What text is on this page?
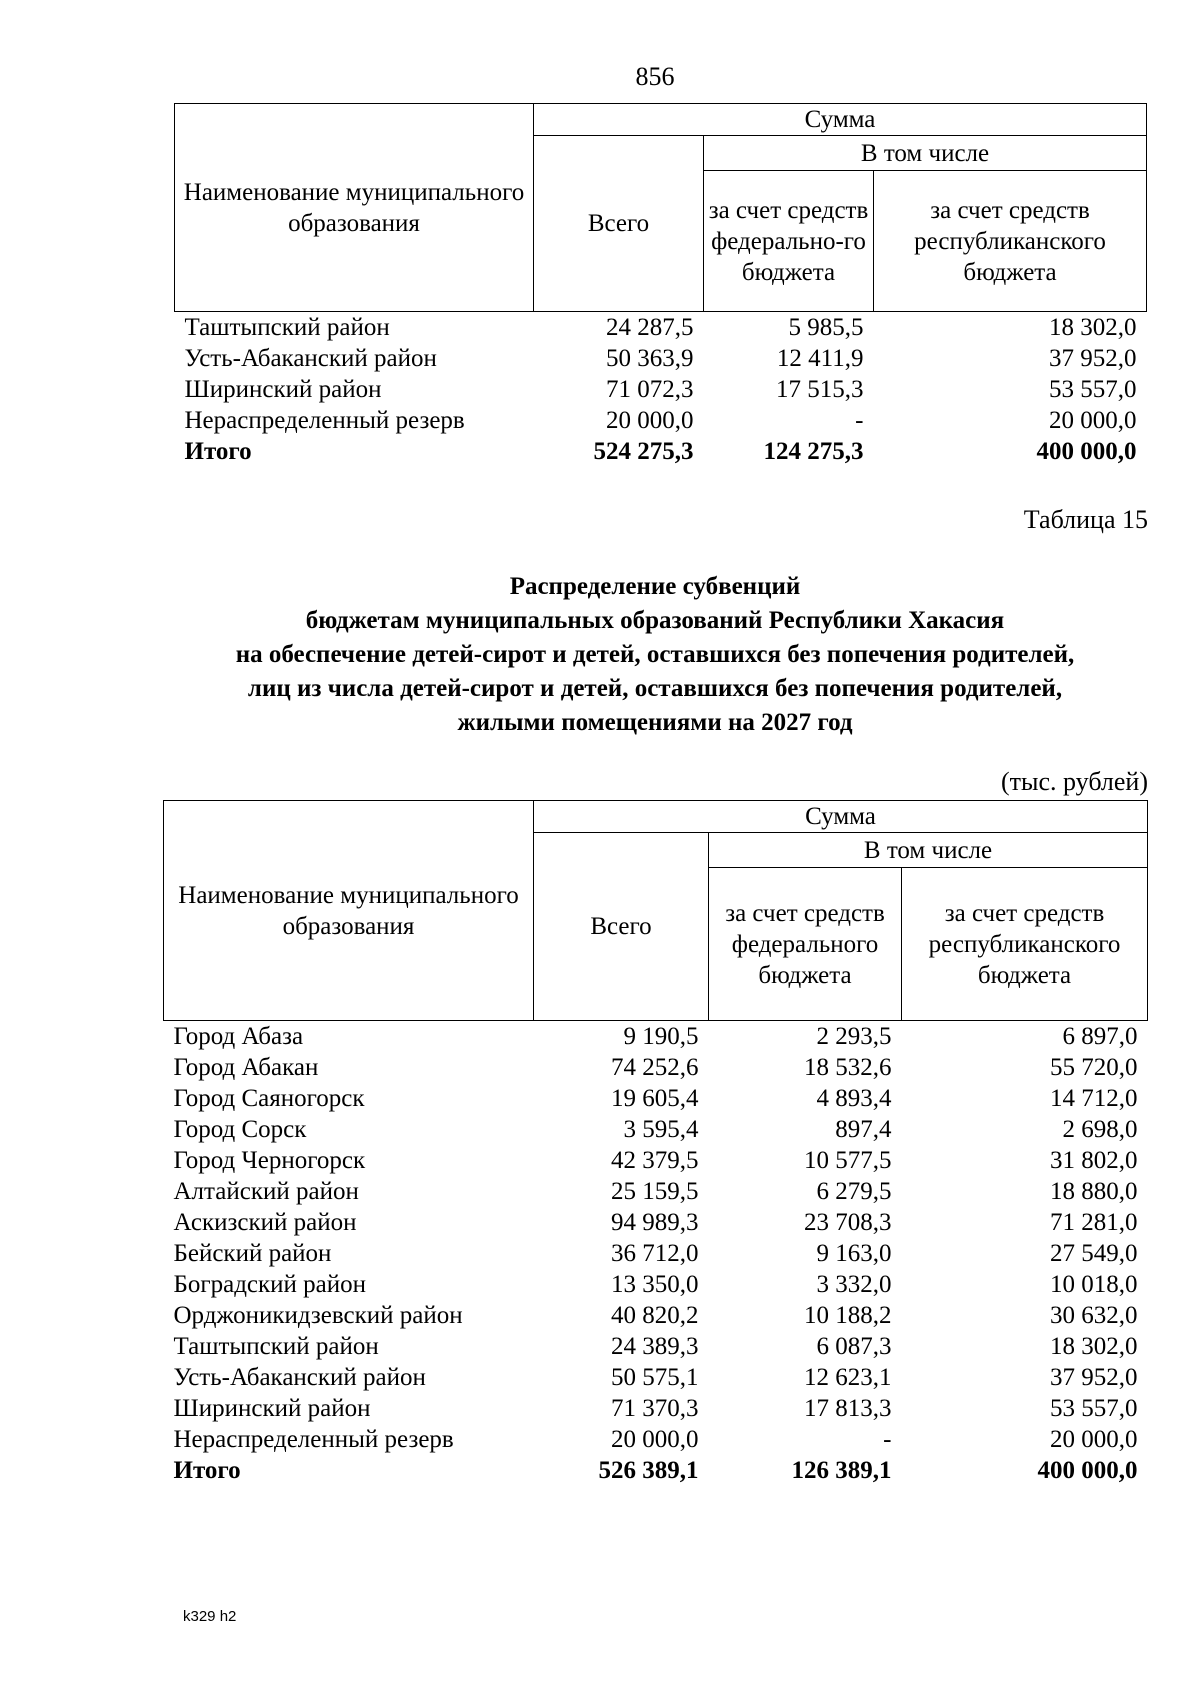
856
Наименование муниципального образования	Сумма		
	Всего	В том числе	
		за счет средств федерально-го бюджета	за счет средств республиканского бюджета
Таштыпский район	24 287,5	5 985,5	18 302,0
Усть-Абаканский район	50 363,9	12 411,9	37 952,0
Ширинский район	71 072,3	17 515,3	53 557,0
Нераспределенный резерв	20 000,0	-	20 000,0
Итого	524 275,3	124 275,3	400 000,0
Таблица 15
Распределение субвенций
бюджетам муниципальных образований Республики Хакасия
на обеспечение детей-сирот и детей, оставшихся без попечения родителей,
лиц из числа детей-сирот и детей, оставшихся без попечения родителей,
жилыми помещениями на 2027 год
(тыс. рублей)
Наименование муниципального образования	Сумма		
	Всего	В том числе	
		за счет средств федерального бюджета	за счет средств республиканского бюджета
Город Абаза	9 190,5	2 293,5	6 897,0
Город Абакан	74 252,6	18 532,6	55 720,0
Город Саяногорск	19 605,4	4 893,4	14 712,0
Город Сорск	3 595,4	897,4	2 698,0
Город Черногорск	42 379,5	10 577,5	31 802,0
Алтайский район	25 159,5	6 279,5	18 880,0
Аскизский район	94 989,3	23 708,3	71 281,0
Бейский район	36 712,0	9 163,0	27 549,0
Боградский район	13 350,0	3 332,0	10 018,0
Орджоникидзевский район	40 820,2	10 188,2	30 632,0
Таштыпский район	24 389,3	6 087,3	18 302,0
Усть-Абаканский район	50 575,1	12 623,1	37 952,0
Ширинский район	71 370,3	17 813,3	53 557,0
Нераспределенный резерв	20 000,0	-	20 000,0
Итого	526 389,1	126 389,1	400 000,0
k329 h2
